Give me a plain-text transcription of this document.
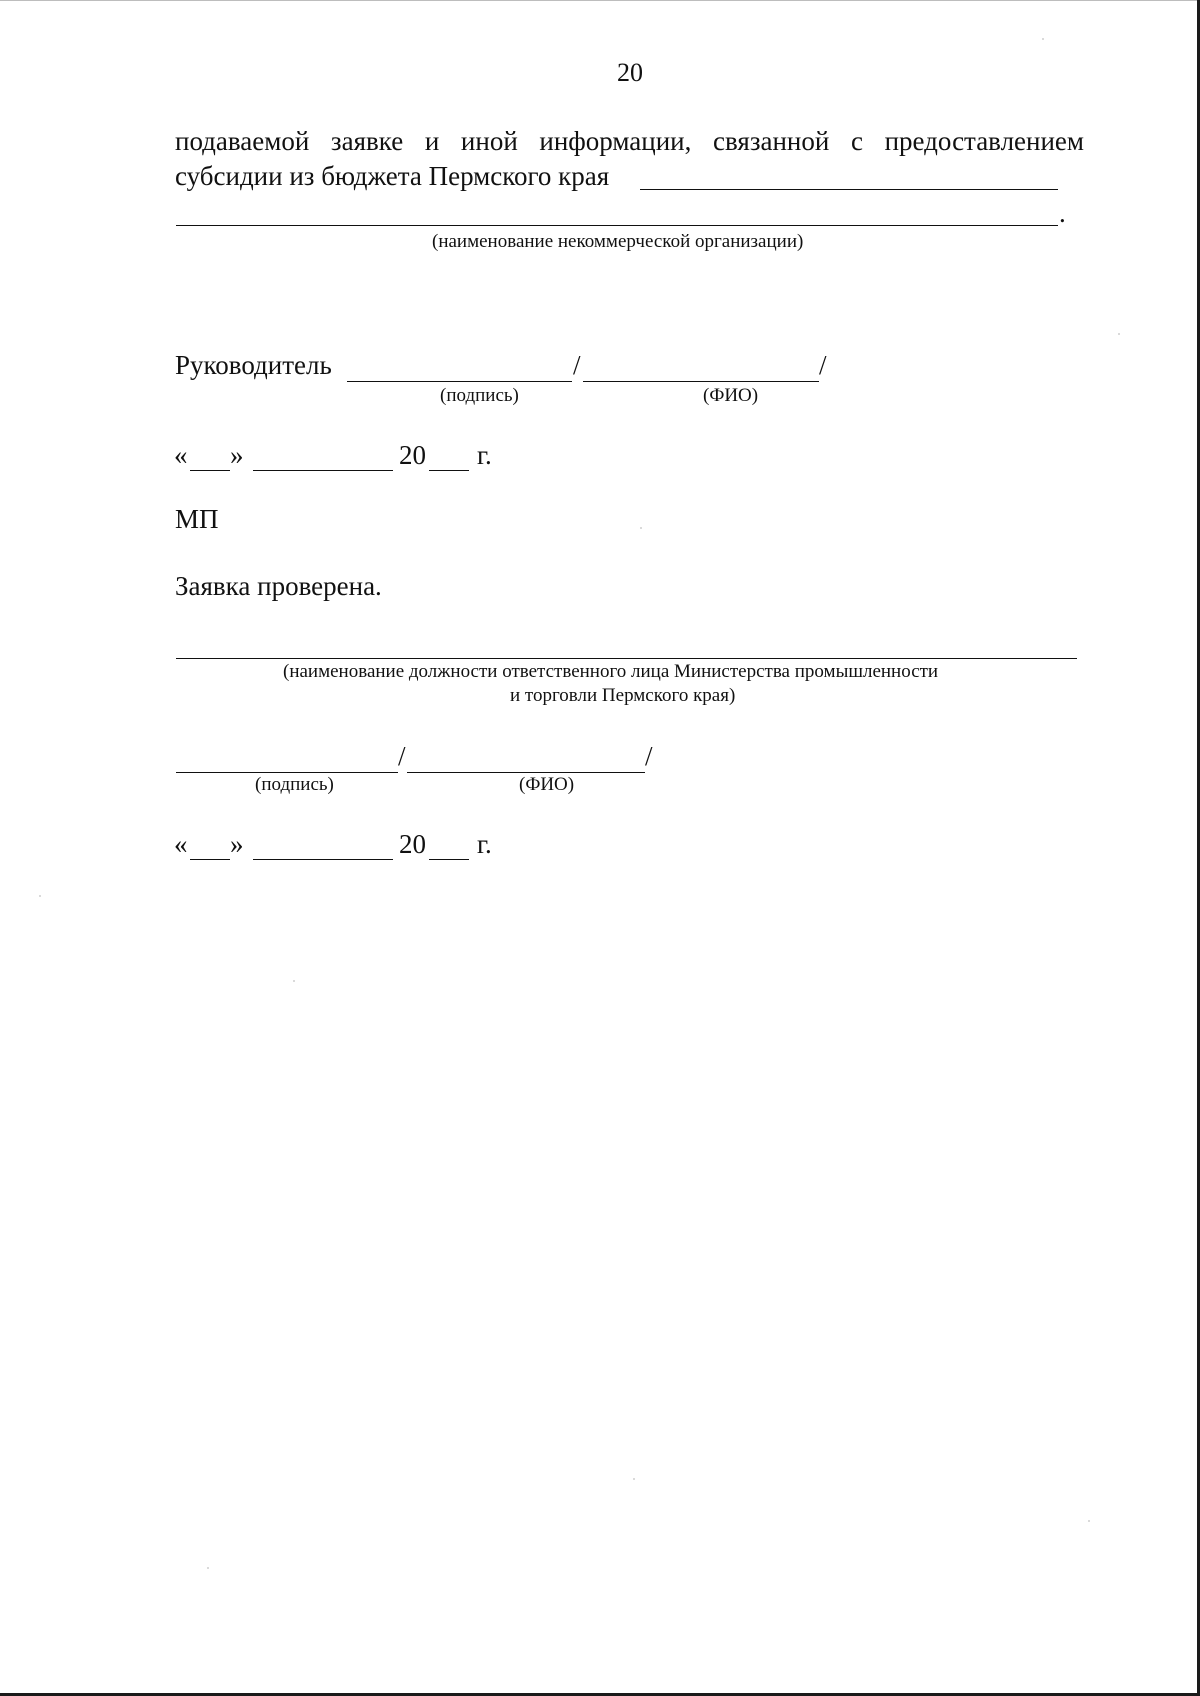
20
подаваемой заявке и иной информации, связанной с предоставлением
субсидии из бюджета Пермского края
.
(наименование некоммерческой организации)
Руководитель	/	/
(подпись)	(ФИО)
« »	20 г.
МП
Заявка проверена.
(наименование должности ответственного лица Министерства промышленности
и торговли Пермского края)
/	/
(подпись)	(ФИО)
« »	20 г.
